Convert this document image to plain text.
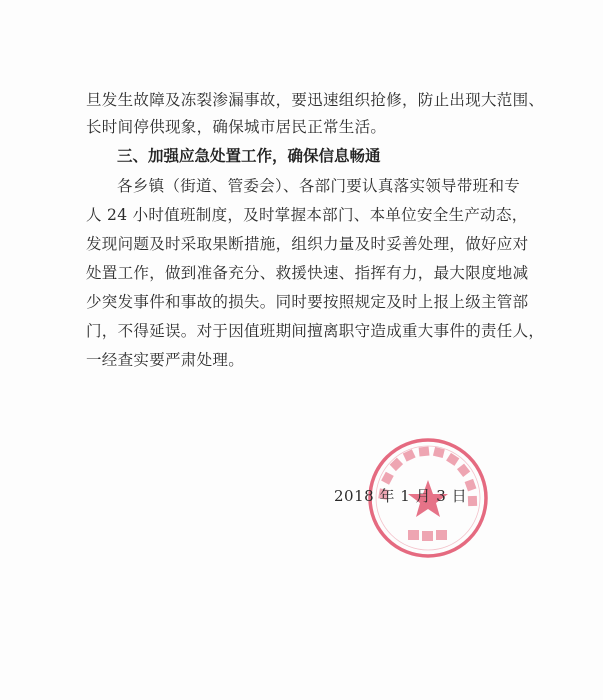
旦发生故障及冻裂渗漏事故，要迅速组织抢修，防止出现大范围、
长时间停供现象，确保城市居民正常生活。
三、加强应急处置工作，确保信息畅通
各乡镇（街道、管委会）、各部门要认真落实领导带班和专
人 24 小时值班制度，及时掌握本部门、本单位安全生产动态，
发现问题及时采取果断措施，组织力量及时妥善处理，做好应对
处置工作，做到准备充分、救援快速、指挥有力，最大限度地减
少突发事件和事故的损失。同时要按照规定及时上报上级主管部
门，不得延误。对于因值班期间擅离职守造成重大事件的责任人，
一经查实要严肃处理。
2018 年 1 月 3 日
